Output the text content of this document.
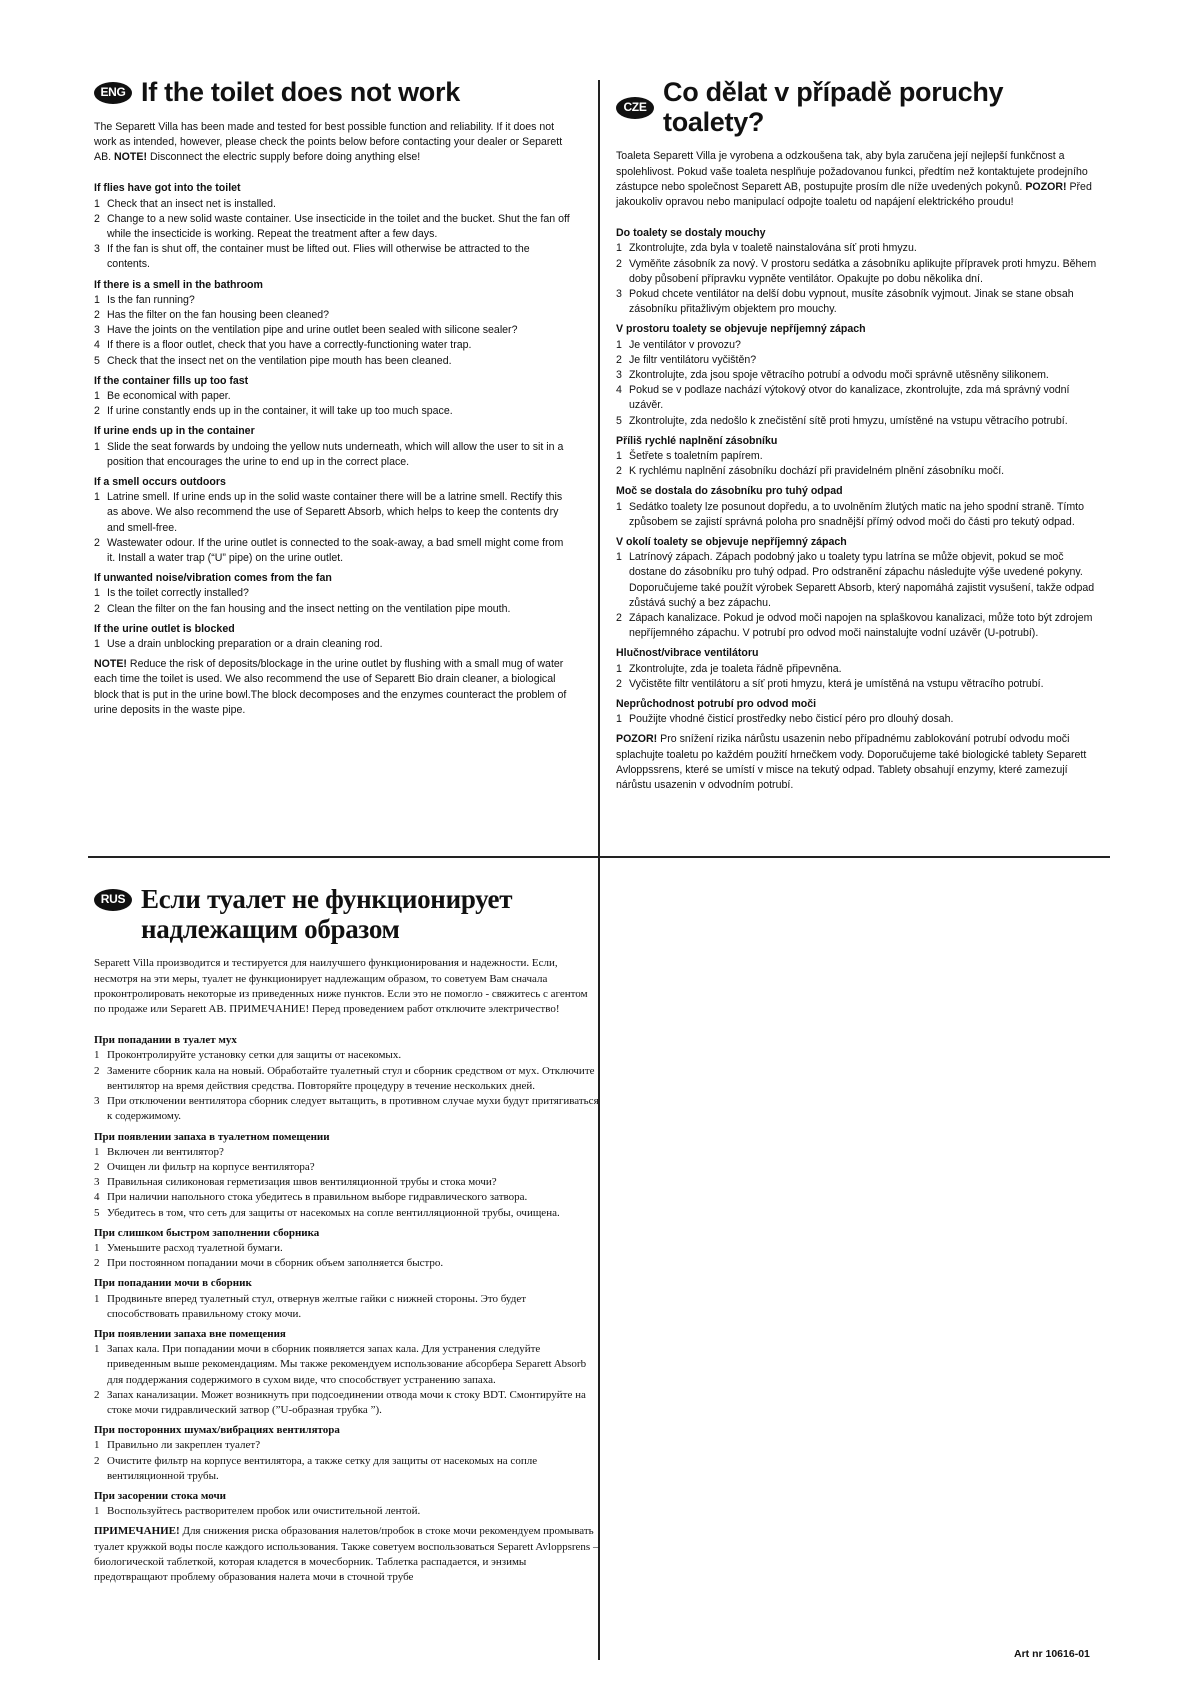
ENG If the toilet does not work

The Separett Villa has been made and tested for best possible function and reliability. If it does not work as intended, however, please check the points below before contacting your dealer or Separett AB. NOTE! Disconnect the electric supply before doing anything else!

If flies have got into the toilet

1 Check that an insect net is installed.
2 Change to a new solid waste container. Use insecticide in the toilet and the bucket. Shut the fan off while the insecticide is working. Repeat the treatment after a few days.
3 If the fan is shut off, the container must be lifted out. Flies will otherwise be attracted to the contents.

If there is a smell in the bathroom

1 Is the fan running?
2 Has the filter on the fan housing been cleaned?
3 Have the joints on the ventilation pipe and urine outlet been sealed with silicone sealer?
4 If there is a floor outlet, check that you have a correctly-functioning water trap.
5 Check that the insect net on the ventilation pipe mouth has been cleaned.

If the container fills up too fast

1 Be economical with paper.
2 If urine constantly ends up in the container, it will take up too much space.

If urine ends up in the container

1 Slide the seat forwards by undoing the yellow nuts underneath, which will allow the user to sit in a position that encourages the urine to end up in the correct place.

If a smell occurs outdoors

1 Latrine smell. If urine ends up in the solid waste container there will be a latrine smell. Rectify this as above. We also recommend the use of Separett Absorb, which helps to keep the contents dry and smell-free.
2 Wastewater odour. If the urine outlet is connected to the soak-away, a bad smell might come from it. Install a water trap (“U” pipe) on the urine outlet.

If unwanted noise/vibration comes from the fan

1 Is the toilet correctly installed?
2 Clean the filter on the fan housing and the insect netting on the ventilation pipe mouth.

If the urine outlet is blocked

1 Use a drain unblocking preparation or a drain cleaning rod.

NOTE! Reduce the risk of deposits/blockage in the urine outlet by flushing with a small mug of water each time the toilet is used. We also recommend the use of Separett Bio drain cleaner, a biological block that is put in the urine bowl.The block decomposes and the enzymes counteract the problem of urine deposits in the waste pipe.

CZE
Co dělat v případě poruchy toalety?

Toaleta Separett Villa je vyrobena a odzkoušena tak, aby byla zaručena její nejlepší funkčnost a spolehlivost. Pokud vaše toaleta nesplňuje požadovanou funkci, předtím než kontaktujete prodejního zástupce nebo společnost Separett AB, postupujte prosím dle níže uvedených pokynů. POZOR! Před jakoukoliv opravou nebo manipulací odpojte toaletu od napájení elektrického proudu!

Do toalety se dostaly mouchy

1 Zkontrolujte, zda byla v toaletě nainstalována síť proti hmyzu.
2 Vyměňte zásobník za nový. V prostoru sedátka a zásobníku aplikujte přípravek proti hmyzu. Během doby působení přípravku vypněte ventilátor. Opakujte po dobu několika dní.
3 Pokud chcete ventilátor na delší dobu vypnout, musíte zásobník vyjmout. Jinak se stane obsah zásobníku přitažlivým objektem pro mouchy.

V prostoru toalety se objevuje nepříjemný zápach

1 Je ventilátor v provozu?
2 Je filtr ventilátoru vyčištěn?
3 Zkontrolujte, zda jsou spoje větracího potrubí a odvodu moči správně utěsněny silikonem.
4 Pokud se v podlaze nachází výtokový otvor do kanalizace, zkontrolujte, zda má správný vodní uzávěr.
5 Zkontrolujte, zda nedošlo k znečistění sítě proti hmyzu, umístěné na vstupu větracího potrubí.

Příliš rychlé naplnění zásobníku

1 Šetřete s toaletním papírem.
2 K rychlému naplnění zásobníku dochází při pravidelném plnění zásobníku močí.

Moč se dostala do zásobníku pro tuhý odpad

1 Sedátko toalety lze posunout dopředu, a to uvolněním žlutých matic na jeho spodní straně. Tímto způsobem se zajistí správná poloha pro snadnější přímý odvod moči do části pro tekutý odpad.

V okolí toalety se objevuje nepříjemný zápach

1 Latrínový zápach. Zápach podobný jako u toalety typu latrína se může objevit, pokud se moč dostane do zásobníku pro tuhý odpad. Pro odstranění zápachu následujte výše uvedené pokyny. Doporučujeme také použít výrobek Separett Absorb, který napomáhá zajistit vysušení, takže odpad zůstává suchý a bez zápachu.
2 Zápach kanalizace. Pokud je odvod moči napojen na splaškovou kanalizaci, může toto být zdrojem nepříjemného zápachu. V potrubí pro odvod moči nainstalujte vodní uzávěr (U-potrubí).

Hlučnost/vibrace ventilátoru

1 Zkontrolujte, zda je toaleta řádně připevněna.
2 Vyčistěte filtr ventilátoru a síť proti hmyzu, která je umístěná na vstupu větracího potrubí.

Neprůchodnost potrubí pro odvod moči

1 Použijte vhodné čisticí prostředky nebo čisticí péro pro dlouhý dosah.

POZOR! Pro snížení rizika nárůstu usazenin nebo případnému zablokování potrubí odvodu moči splachujte toaletu po každém použití hrnečkem vody. Doporučujeme také biologické tablety Separett Avloppssrens, které se umístí v misce na tekutý odpad. Tablety obsahují enzymy, které zamezují nárůstu usazenin v odvodním potrubí.

RUS Если туалет не функционирует надлежащим образом

Separett Villa производится и тестируется для наилучшего функционирования и надежности. Если, несмотря на эти меры, туалет не функционирует надлежащим образом, то советуем Вам сначала проконтролировать некоторые из приведенных ниже пунктов. Если это не помогло - свяжитесь с агентом по продаже или Separett AB. ПРИМЕЧАНИЕ! Перед проведением работ отключите электричество!

При попадании в туалет мух

1 Проконтролируйте установку сетки для защиты от насекомых.
2 Замените сборник кала на новый. Обработайте туалетный стул и сборник средством от мух. Отключите вентилятор на время действия средства. Повторяйте процедуру в течение нескольких дней.
3 При отключении вентилятора сборник следует вытащить, в противном случае мухи будут притягиваться к содержимому.

При появлении запаха в туалетном помещении

1 Включен ли вентилятор?
2 Очищен ли фильтр на корпусе вентилятора?
3 Правильная силиконовая герметизация швов вентиляционной трубы и стока мочи?
4 При наличии напольного стока убедитесь в правильном выборе гидравлического затвора.
5 Убедитесь в том, что сеть для защиты от насекомых на сопле вентилляционной трубы, очищена.

При слишком быстром заполнении сборника

1 Уменьшите расход туалетной бумаги.
2 При постоянном попадании мочи в сборник объем заполняется быстро.

При попадании мочи в сборник

1 Продвиньте вперед туалетный стул, отвернув желтые гайки с нижней стороны. Это будет способствовать правильному стоку мочи.

При появлении запаха вне помещения

1 Запах кала. При попадании мочи в сборник появляется запах кала. Для устранения следуйте приведенным выше рекомендациям. Мы также рекомендуем использование абсорбера Separett Absorb для поддержания содержимого в сухом виде, что способствует устранению запаха.
2 Запах канализации. Может возникнуть при подсоединении отвода мочи к стоку BDT. Смонтируйте на стоке мочи гидравлический затвор (”U-образная трубка ”).

При посторонних шумах/вибрациях вентилятора

1 Правильно ли закреплен туалет?
2 Очистите фильтр на корпусе вентилятора, а также сетку для защиты от насекомых на сопле вентиляционной трубы.

При засорении стока мочи

1 Воспользуйтесь растворителем пробок или очистительной лентой.

ПРИМЕЧАНИЕ! Для снижения риска образования налетов/пробок в стоке мочи рекомендуем промывать туалет кружкой воды после каждого использования. Также советуем воспользоваться Separett Avloppsrens – биологической таблеткой, которая кладется в мочесборник. Таблетка распадается, и энзимы предотвращают проблему образования налета мочи в сточной трубе

Art nr 10616-01
